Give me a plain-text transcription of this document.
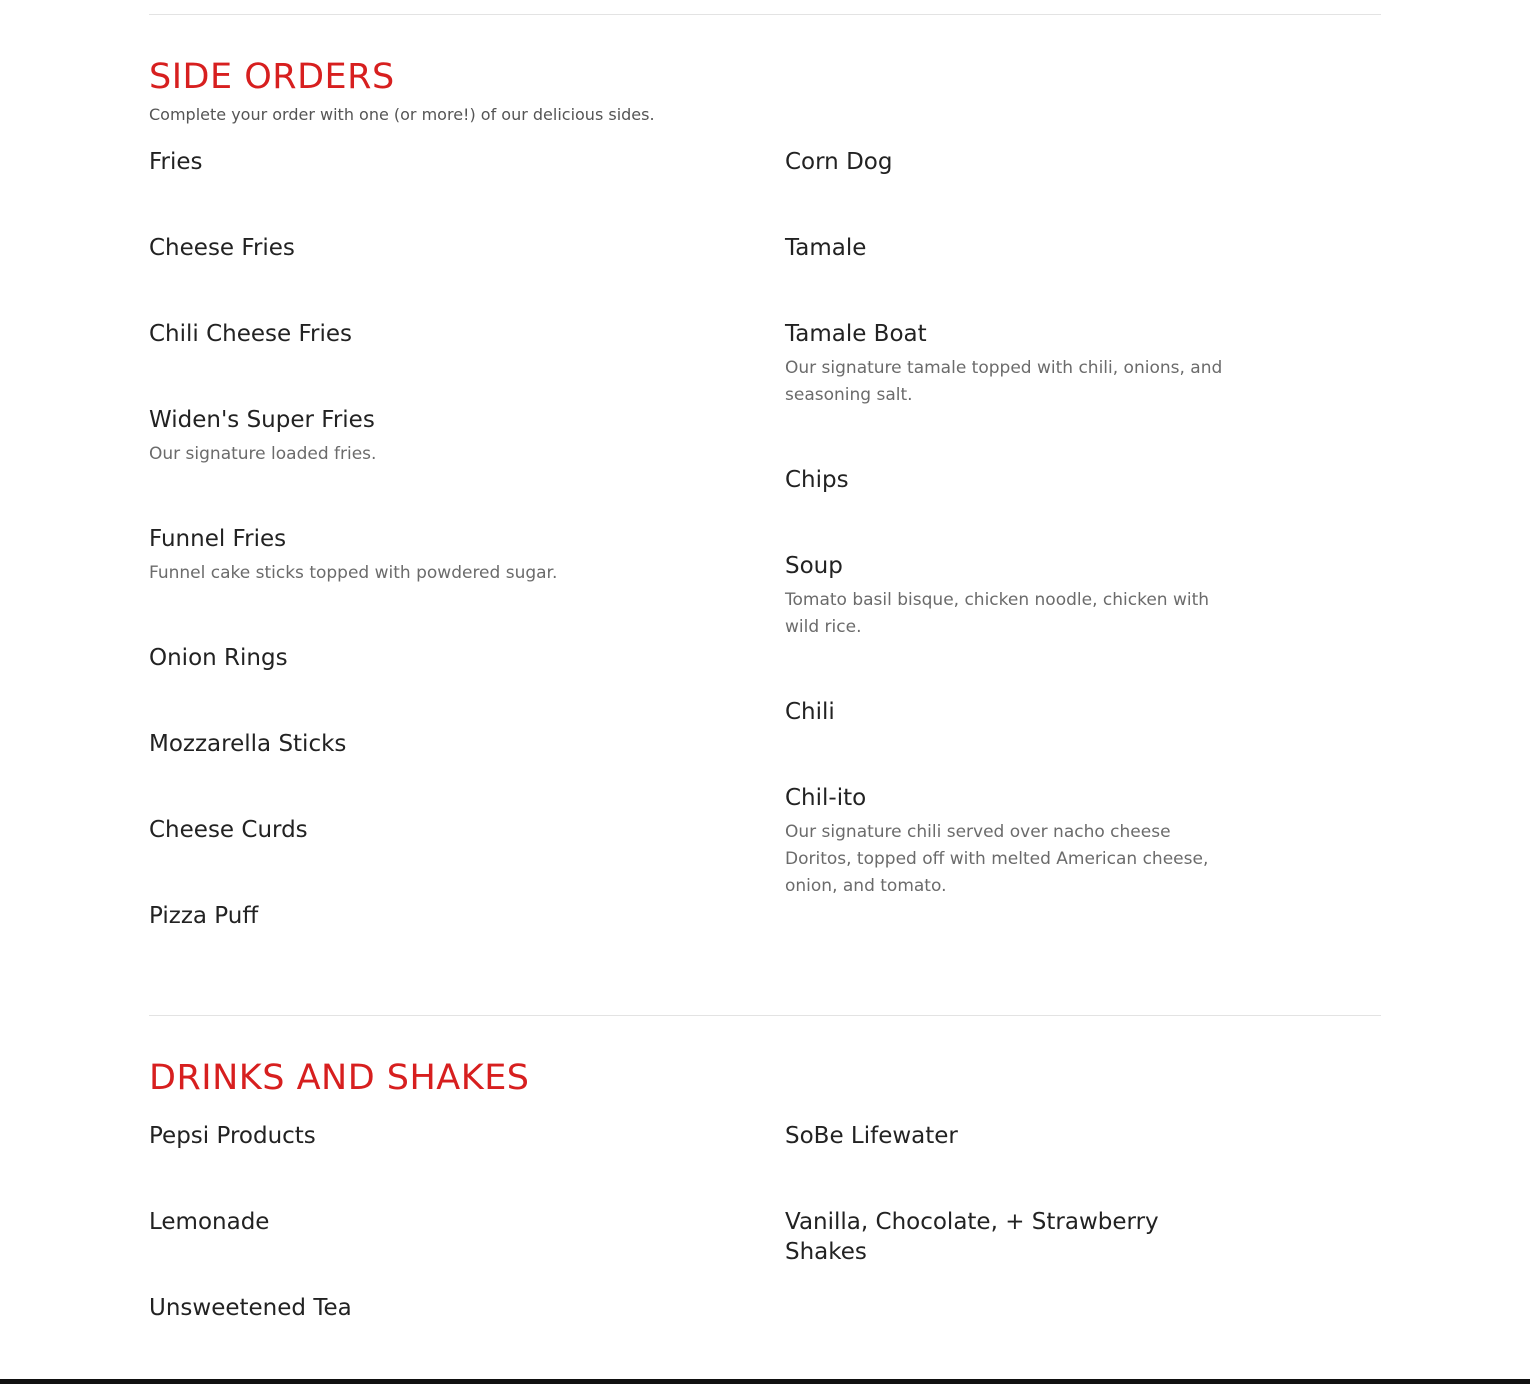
SIDE ORDERS

Complete your order with one (or more!) of our delicious sides.

Fries
Cheese Fries
Chili Cheese Fries
Widen's Super Fries
Our signature loaded fries.
Funnel Fries
Funnel cake sticks topped with powdered sugar.
Onion Rings
Mozzarella Sticks
Cheese Curds
Pizza Puff
Corn Dog
Tamale
Tamale Boat
Our signature tamale topped with chili, onions, and seasoning salt.
Chips
Soup
Tomato basil bisque, chicken noodle, chicken with wild rice.
Chili
Chil-ito
Our signature chili served over nacho cheese Doritos, topped off with melted American cheese, onion, and tomato.
DRINKS AND SHAKES
Pepsi Products
Lemonade
Unsweetened Tea
SoBe Lifewater
Vanilla, Chocolate, + Strawberry Shakes
